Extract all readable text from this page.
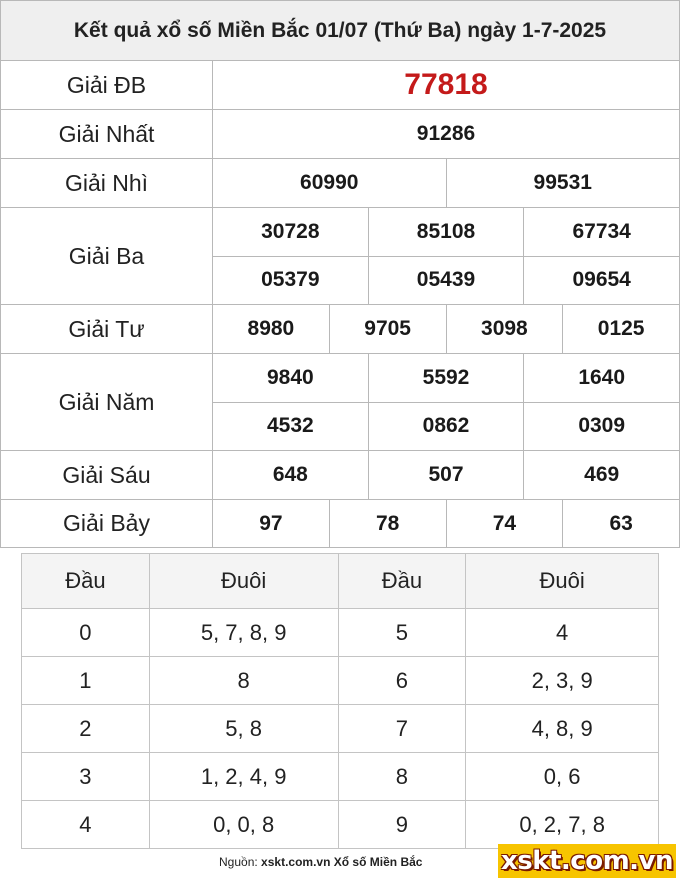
Kết quả xổ số Miền Bắc 01/07 (Thứ Ba) ngày 1-7-2025
Giải ĐB	77818
Giải Nhất	91286
Giải Nhì	60990	99531
Giải Ba
30728	85108	67734
05379	05439	09654
Giải Tư	8980	9705	3098	0125
Giải Năm
9840	5592	1640
4532	0862	0309
Giải Sáu	648	507	469
Giải Bảy	97	78	74	63
Đầu	Đuôi	Đầu	Đuôi
0	5, 7, 8, 9	5	4
1	8	6	2, 3, 9
2	5, 8	7	4, 8, 9
3	1, 2, 4, 9	8	0, 6
4	0, 0, 8	9	0, 2, 7, 8
Nguồn: xskt.com.vn Xổ số Miền Bắc	xskt.com.vn
